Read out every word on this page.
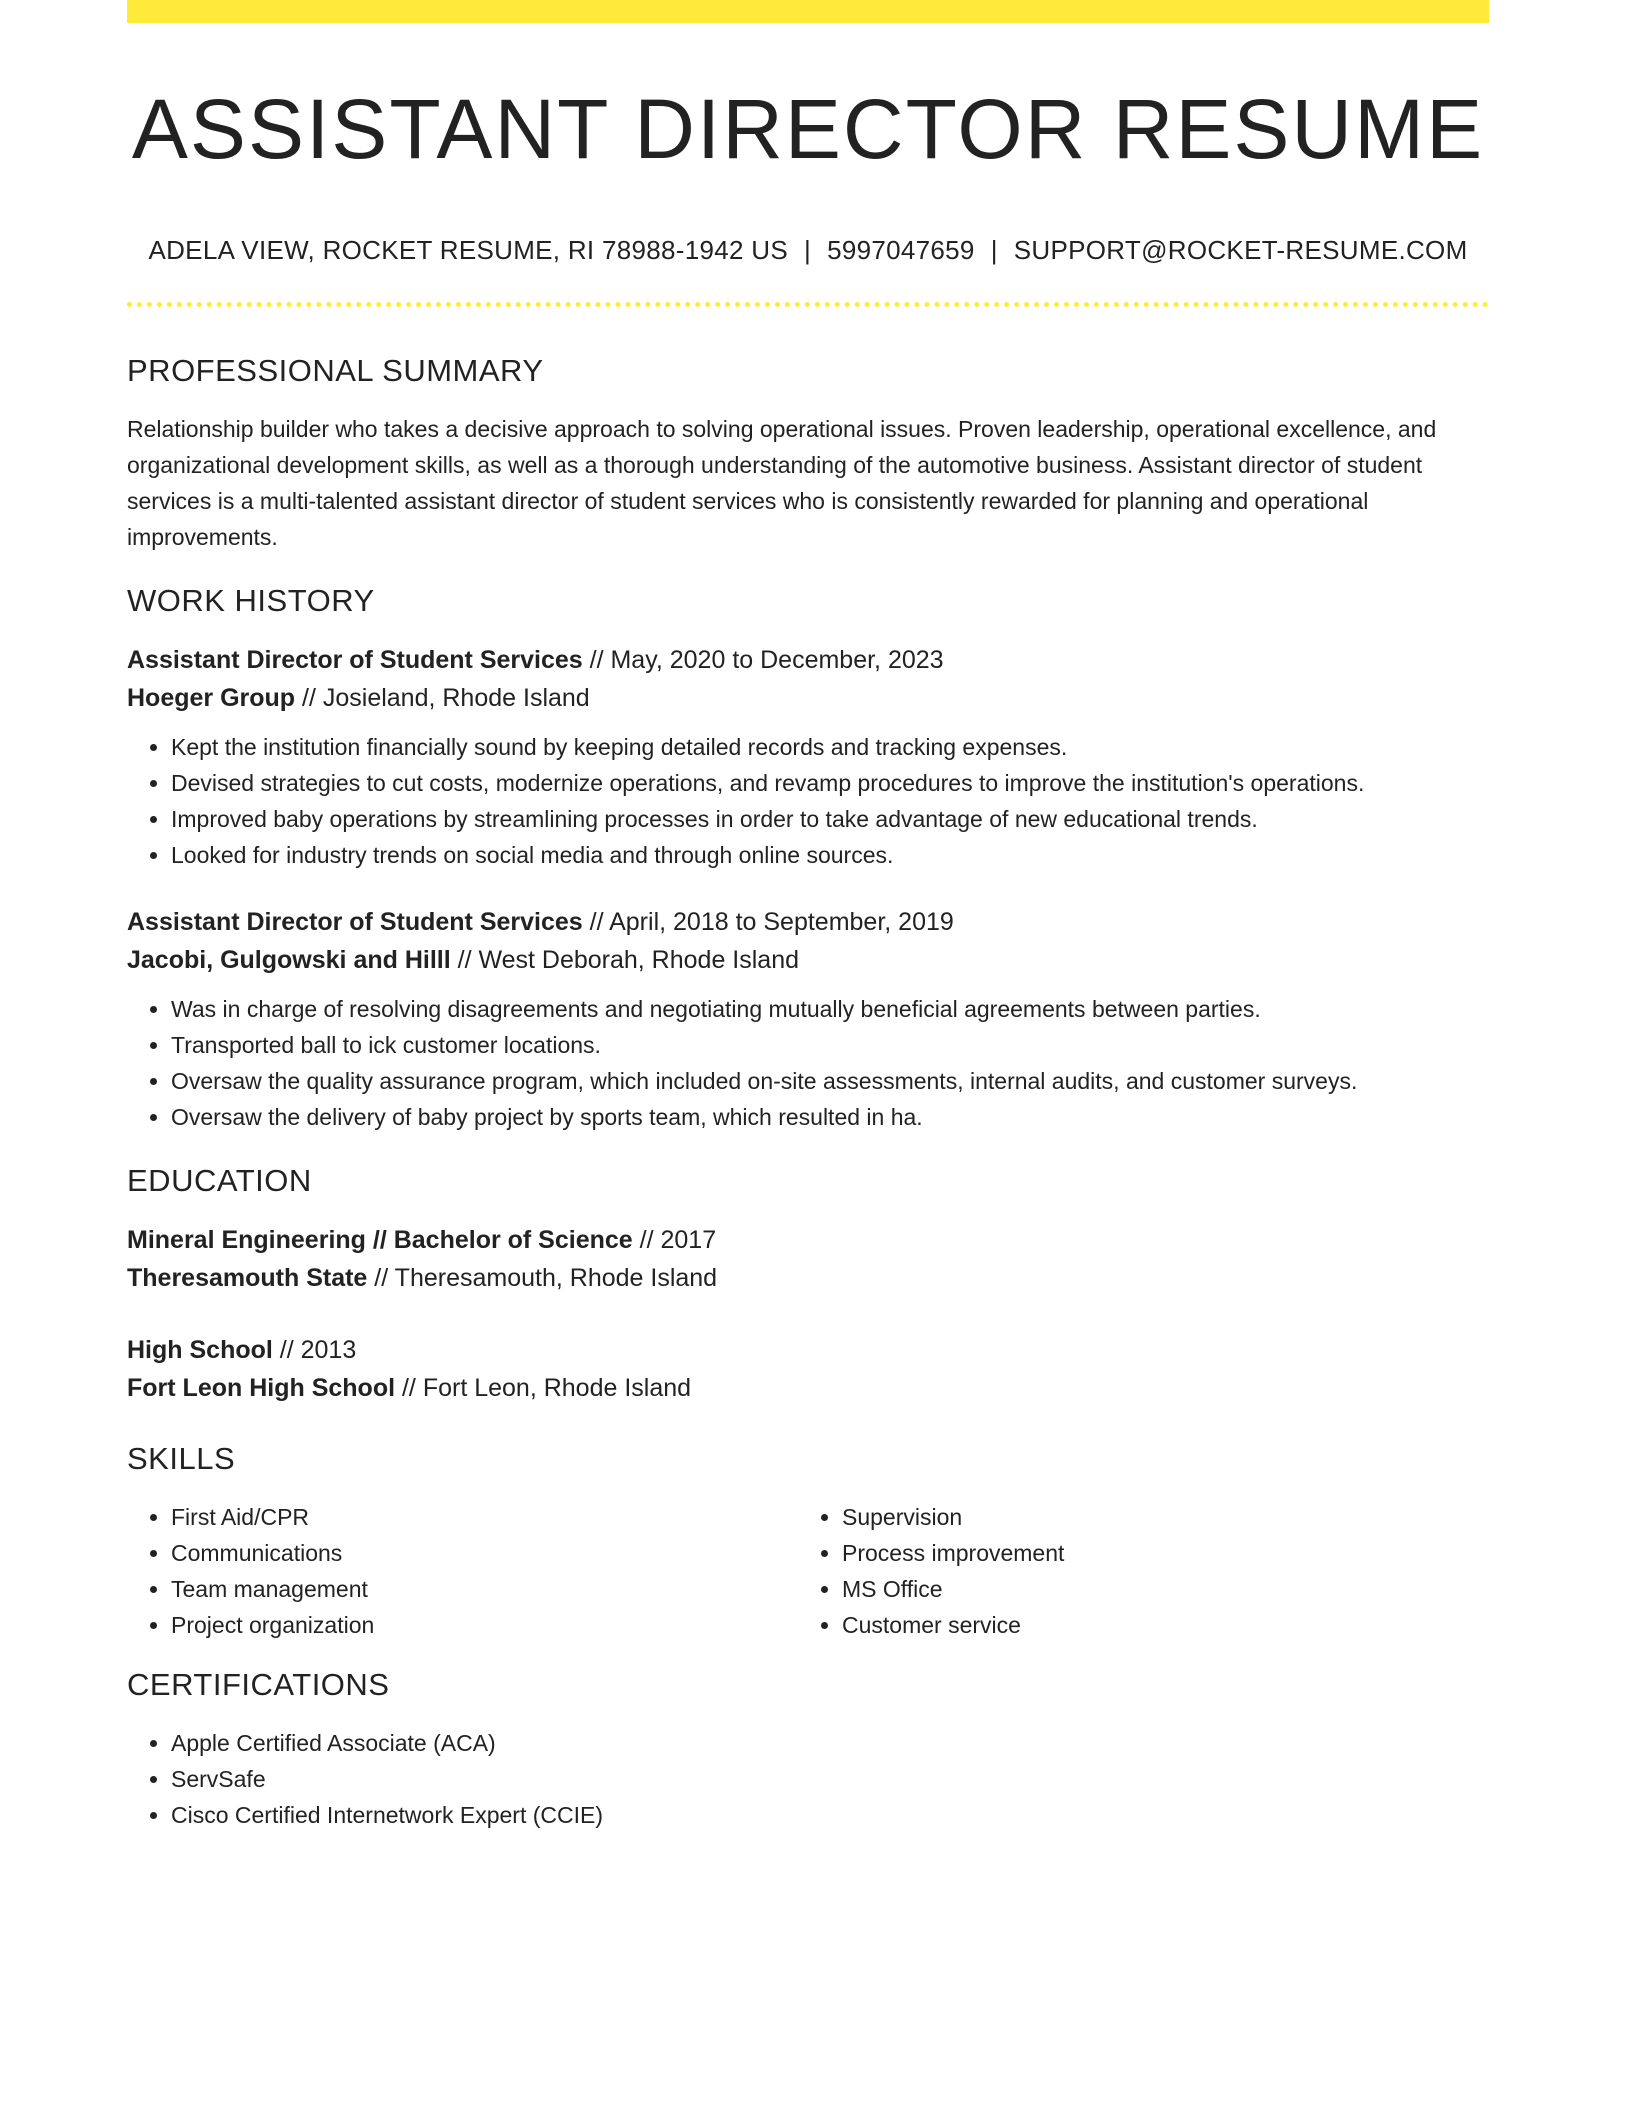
ASSISTANT DIRECTOR RESUME
ADELA VIEW, ROCKET RESUME, RI 78988-1942 US | 5997047659 | SUPPORT@ROCKET-RESUME.COM
PROFESSIONAL SUMMARY

Relationship builder who takes a decisive approach to solving operational issues. Proven leadership, operational excellence, and organizational development skills, as well as a thorough understanding of the automotive business. Assistant director of student services is a multi-talented assistant director of student services who is consistently rewarded for planning and operational improvements.

WORK HISTORY
Assistant Director of Student Services // May, 2020 to December, 2023
Hoeger Group // Josieland, Rhode Island
• Kept the institution financially sound by keeping detailed records and tracking expenses.
• Devised strategies to cut costs, modernize operations, and revamp procedures to improve the institution's operations.
• Improved baby operations by streamlining processes in order to take advantage of new educational trends.
• Looked for industry trends on social media and through online sources.
Assistant Director of Student Services // April, 2018 to September, 2019
Jacobi, Gulgowski and Hilll // West Deborah, Rhode Island
• Was in charge of resolving disagreements and negotiating mutually beneficial agreements between parties.
• Transported ball to ick customer locations.
• Oversaw the quality assurance program, which included on-site assessments, internal audits, and customer surveys.
• Oversaw the delivery of baby project by sports team, which resulted in ha.
EDUCATION
Mineral Engineering // Bachelor of Science // 2017
Theresamouth State // Theresamouth, Rhode Island
High School // 2013
Fort Leon High School // Fort Leon, Rhode Island
SKILLS
• First Aid/CPR
• Communications
• Team management
• Project organization
• Supervision
• Process improvement
• MS Office
• Customer service
CERTIFICATIONS
• Apple Certified Associate (ACA)
• ServSafe
• Cisco Certified Internetwork Expert (CCIE)
